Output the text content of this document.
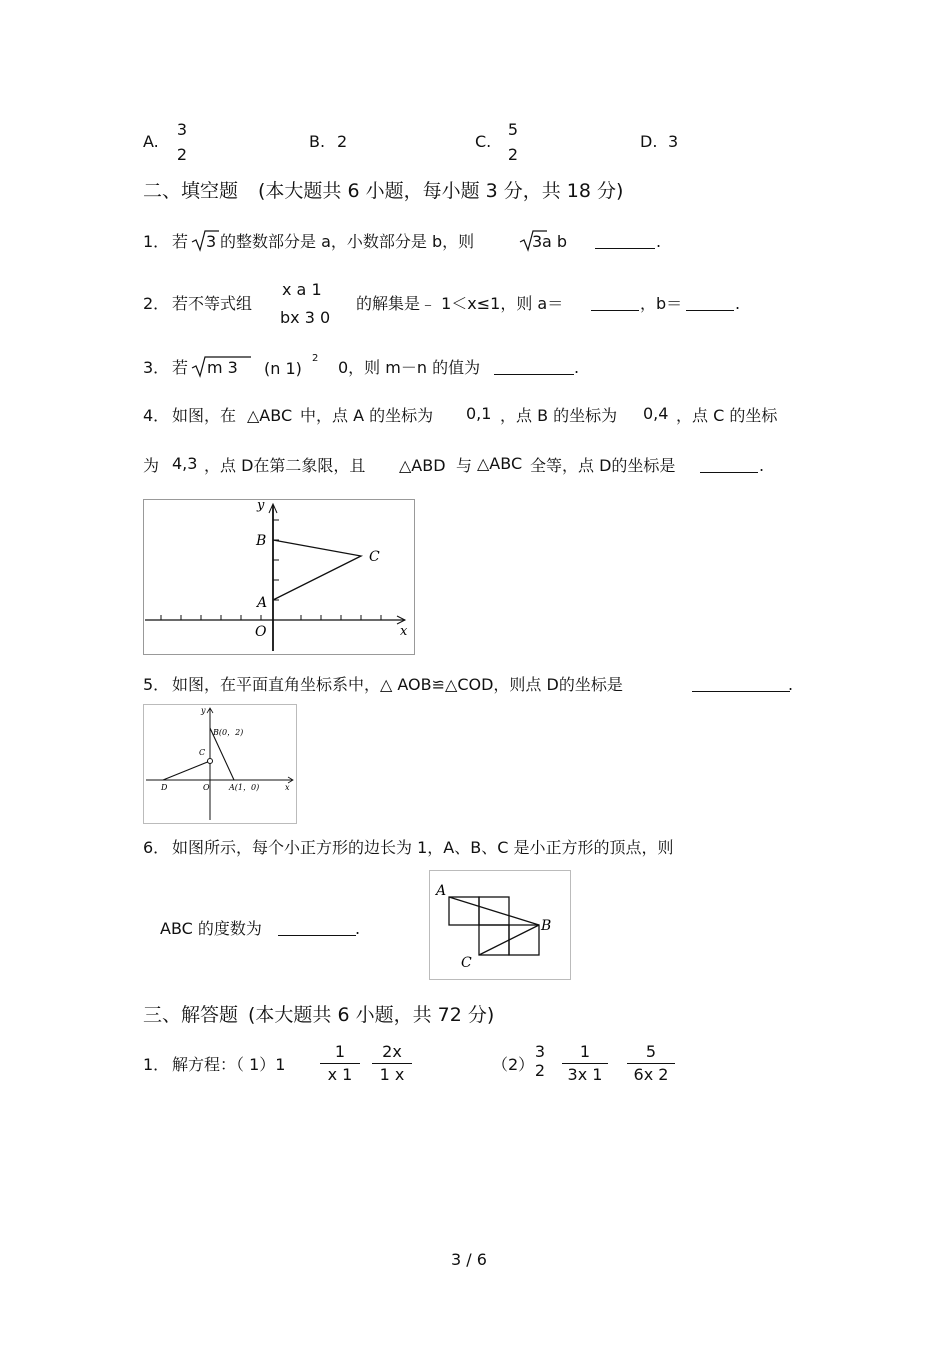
A.
3
2
B. 2	C.
5
2
D. 3
二、填空题 (本大题共 6 小题，每小题 3 分，共 18 分)
1． 若 3 的整数部分是 a，小数部分是 b，则	3 a b	.
2． 若不等式组
x a 1
bx 3 0
的解集是﹣ 1＜x≤1，则 a＝	，b＝	.
3． 若 m 3 (n 1)
2 0，则 m－n 的值为	.
4． 如图，在 △ABC 中，点 A 的坐标为 0,1 ，点 B 的坐标为 0,4 ，点 C 的坐标
为 4,3 ，点 D在第二象限，且 △ABD 与 △ABC 全等，点 D的坐标是	.
y
B
C
A
O	x
5． 如图，在平面直角坐标系中，△ AOB≌△COD，则点 D的坐标是	.
y
B(0，2)
C
D	O A(1，0)	x
6． 如图所示，每个小正方形的边长为 1，A、B、C 是小正方形的顶点，则
ABC 的度数为	.
A
B
C
三、解答题 (本大题共 6 小题，共 72 分)
1． 解方程：（ 1）1
1
x 1
2x
1 x
（2）
3
2
1
3x 1
5
6x 2
3 / 6
